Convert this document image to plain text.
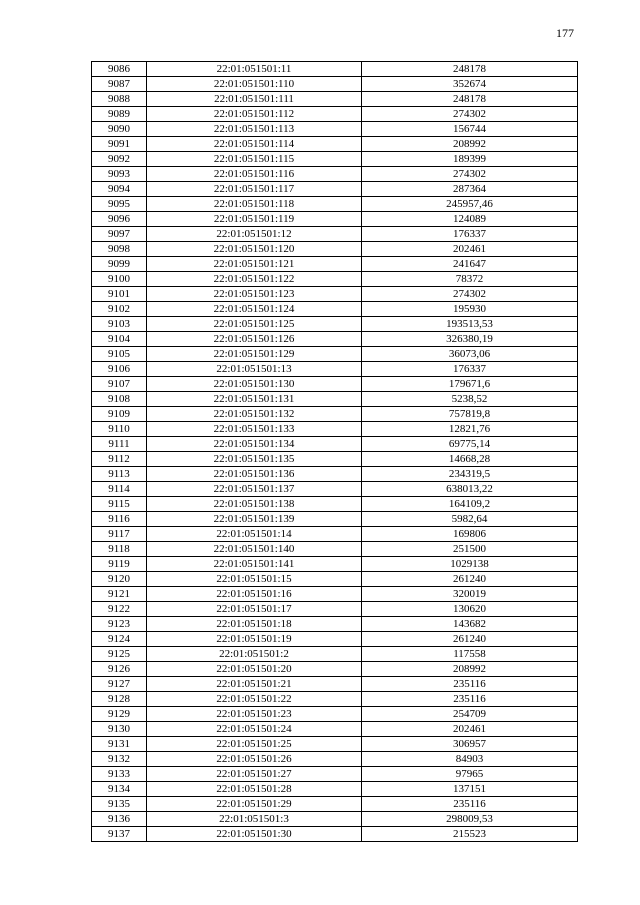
177
9086	22:01:051501:11	248178
9087	22:01:051501:110	352674
9088	22:01:051501:111	248178
9089	22:01:051501:112	274302
9090	22:01:051501:113	156744
9091	22:01:051501:114	208992
9092	22:01:051501:115	189399
9093	22:01:051501:116	274302
9094	22:01:051501:117	287364
9095	22:01:051501:118	245957,46
9096	22:01:051501:119	124089
9097	22:01:051501:12	176337
9098	22:01:051501:120	202461
9099	22:01:051501:121	241647
9100	22:01:051501:122	78372
9101	22:01:051501:123	274302
9102	22:01:051501:124	195930
9103	22:01:051501:125	193513,53
9104	22:01:051501:126	326380,19
9105	22:01:051501:129	36073,06
9106	22:01:051501:13	176337
9107	22:01:051501:130	179671,6
9108	22:01:051501:131	5238,52
9109	22:01:051501:132	757819,8
9110	22:01:051501:133	12821,76
9111	22:01:051501:134	69775,14
9112	22:01:051501:135	14668,28
9113	22:01:051501:136	234319,5
9114	22:01:051501:137	638013,22
9115	22:01:051501:138	164109,2
9116	22:01:051501:139	5982,64
9117	22:01:051501:14	169806
9118	22:01:051501:140	251500
9119	22:01:051501:141	1029138
9120	22:01:051501:15	261240
9121	22:01:051501:16	320019
9122	22:01:051501:17	130620
9123	22:01:051501:18	143682
9124	22:01:051501:19	261240
9125	22:01:051501:2	117558
9126	22:01:051501:20	208992
9127	22:01:051501:21	235116
9128	22:01:051501:22	235116
9129	22:01:051501:23	254709
9130	22:01:051501:24	202461
9131	22:01:051501:25	306957
9132	22:01:051501:26	84903
9133	22:01:051501:27	97965
9134	22:01:051501:28	137151
9135	22:01:051501:29	235116
9136	22:01:051501:3	298009,53
9137	22:01:051501:30	215523
